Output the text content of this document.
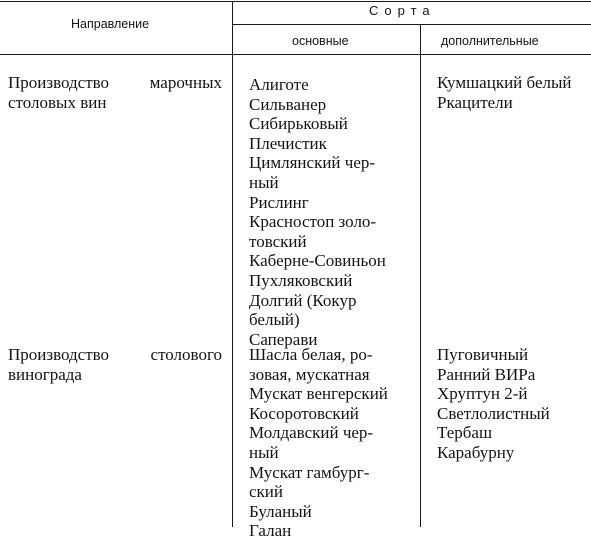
Направление
Сорта
основные	дополнительные
Производство марочных
столовых вин
Алиготе
Сильванер
Сибирьковый
Плечистик
Цимлянский чер-
ный
Рислинг
Красностоп золо-
товский
Каберне-Совиньон
Пухляковский
Долгий (Кокур
белый)
Саперави
Кумшацкий белый
Ркацители
Производство столового
винограда
Шасла белая, ро-
зовая, мускатная
Мускат венгерский
Косоротовский
Молдавский чер-
ный
Мускат гамбург-
ский
Буланый
Галан
Пуговичный
Ранний ВИРа
Хруптун 2-й
Светлолистный
Тербаш
Карабурну
